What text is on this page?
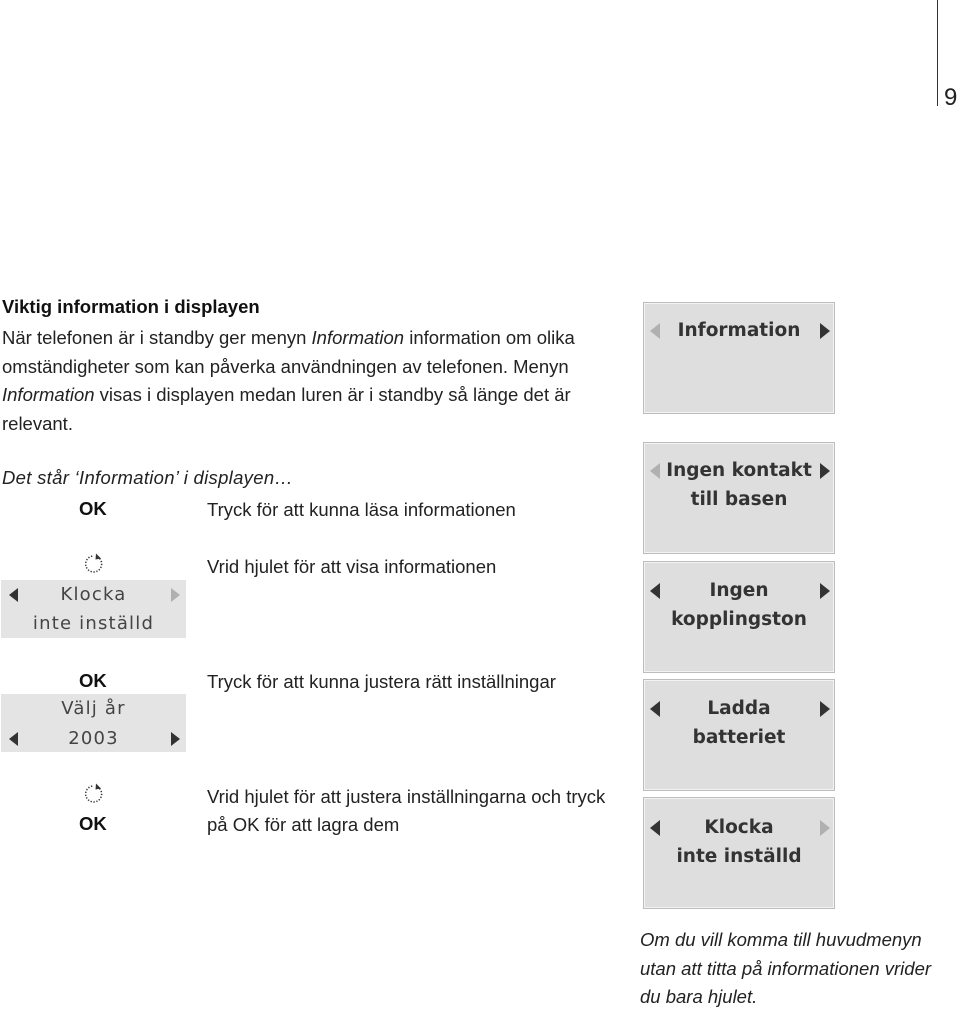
9
Viktig information i displayen
När telefonen är i standby ger menyn Information information om olika omständigheter som kan påverka användningen av telefonen. Menyn Information visas i displayen medan luren är i standby så länge det är relevant.
Det står ‘Information’ i displayen…
OK	Tryck för att kunna läsa informationen
Vrid hjulet för att visa informationen
Klocka
inte inställd
OK	Tryck för att kunna justera rätt inställningar
Välj år
2003
OK
Vrid hjulet för att justera inställningarna och tryck på OK för att lagra dem
Information
Ingen kontakt
till basen
Ingen
kopplingston
Ladda
batteriet
Klocka
inte inställd
Om du vill komma till huvudmenyn utan att titta på informationen vrider du bara hjulet.
